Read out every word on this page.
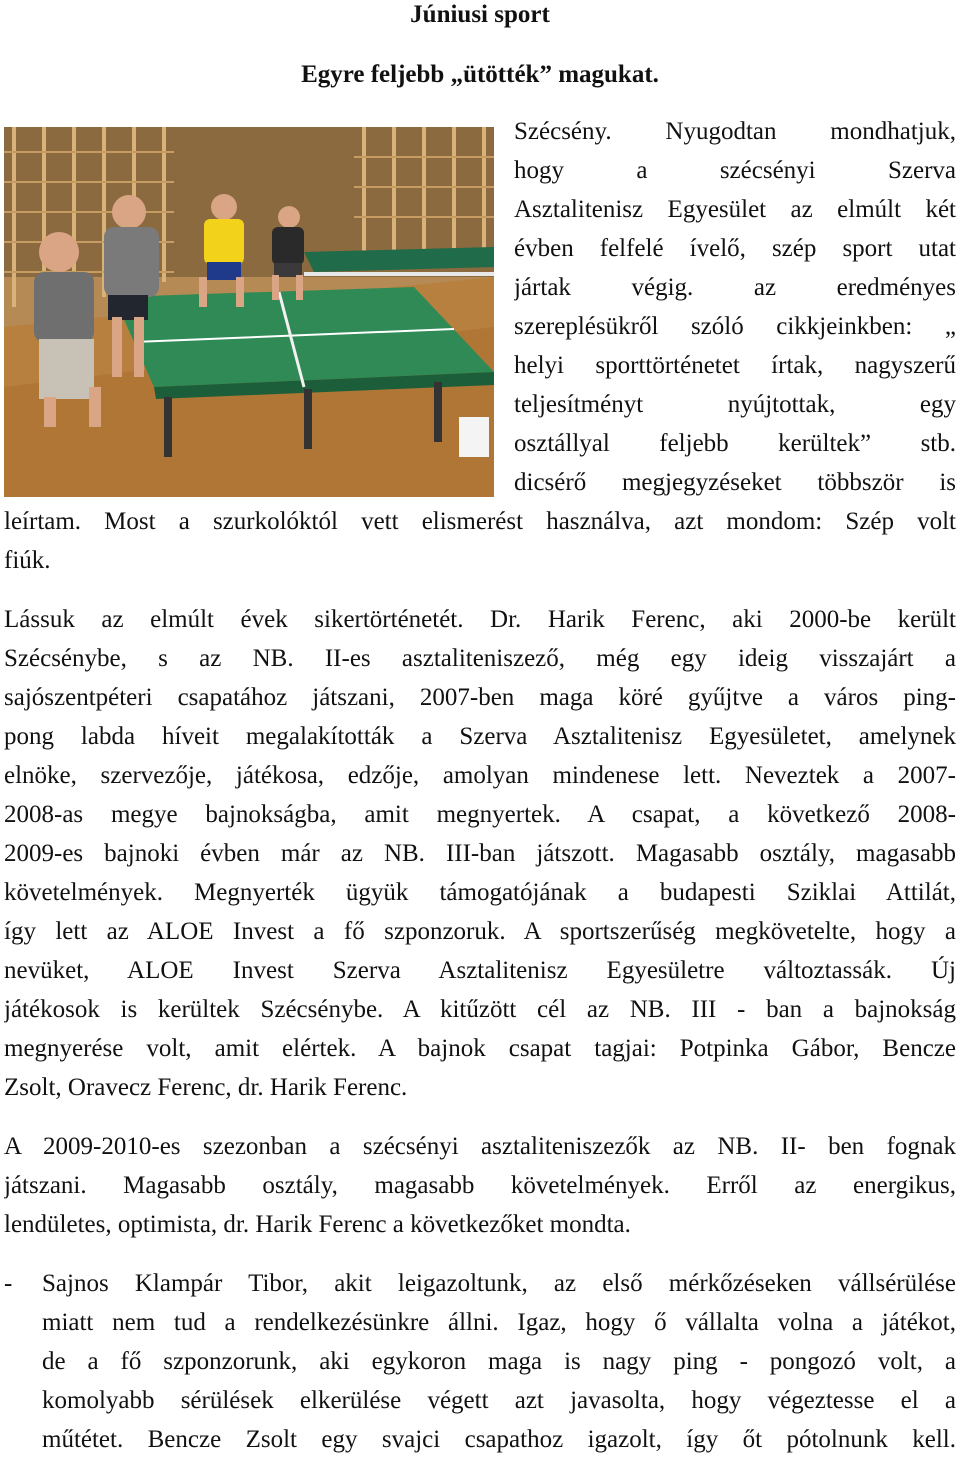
Júniusi sport
Egyre feljebb „ütötték” magukat.
Szécsény. Nyugodtan mondhatjuk,
hogy a szécsényi Szerva
Asztalitenisz Egyesület az elmúlt két
évben felfelé ívelő, szép sport utat
jártak végig. az eredményes
szereplésükről szóló cikkjeinkben: „
helyi sporttörténetet írtak, nagyszerű
teljesítményt nyújtottak, egy
osztállyal feljebb kerültek” stb.
dicsérő megjegyzéseket többször is
leírtam. Most a szurkolóktól vett elismerést használva, azt mondom: Szép volt
fiúk.
Lássuk az elmúlt évek sikertörténetét. Dr. Harik Ferenc, aki 2000-be került
Szécsénybe, s az NB. II-es asztaliteniszező, még egy ideig visszajárt a
sajószentpéteri csapatához játszani, 2007-ben maga köré gyűjtve a város ping-
pong labda híveit megalakították a Szerva Asztalitenisz Egyesületet, amelynek
elnöke, szervezője, játékosa, edzője, amolyan mindenese lett. Neveztek a 2007-
2008-as megye bajnokságba, amit megnyertek. A csapat, a következő 2008-
2009-es bajnoki évben már az NB. III-ban játszott. Magasabb osztály, magasabb
követelmények. Megnyerték ügyük támogatójának a budapesti Sziklai Attilát,
így lett az ALOE Invest a fő szponzoruk. A sportszerűség megkövetelte, hogy a
nevüket, ALOE Invest Szerva Asztalitenisz Egyesületre változtassák. Új
játékosok is kerültek Szécsénybe. A kitűzött cél az NB. III - ban a bajnokság
megnyerése volt, amit elértek. A bajnok csapat tagjai: Potpinka Gábor, Bencze
Zsolt, Oravecz Ferenc, dr. Harik Ferenc.
A 2009-2010-es szezonban a szécsényi asztaliteniszezők az NB. II- ben fognak
játszani. Magasabb osztály, magasabb követelmények. Erről az energikus,
lendületes, optimista, dr. Harik Ferenc a következőket mondta.
- Sajnos Klampár Tibor, akit leigazoltunk, az első mérkőzéseken vállsérülése
miatt nem tud a rendelkezésünkre állni. Igaz, hogy ő vállalta volna a játékot,
de a fő szponzorunk, aki egykoron maga is nagy ping - pongozó volt, a
komolyabb sérülések elkerülése végett azt javasolta, hogy végeztesse el a
műtétet. Bencze Zsolt egy svajci csapathoz igazolt, így őt pótolnunk kell.
